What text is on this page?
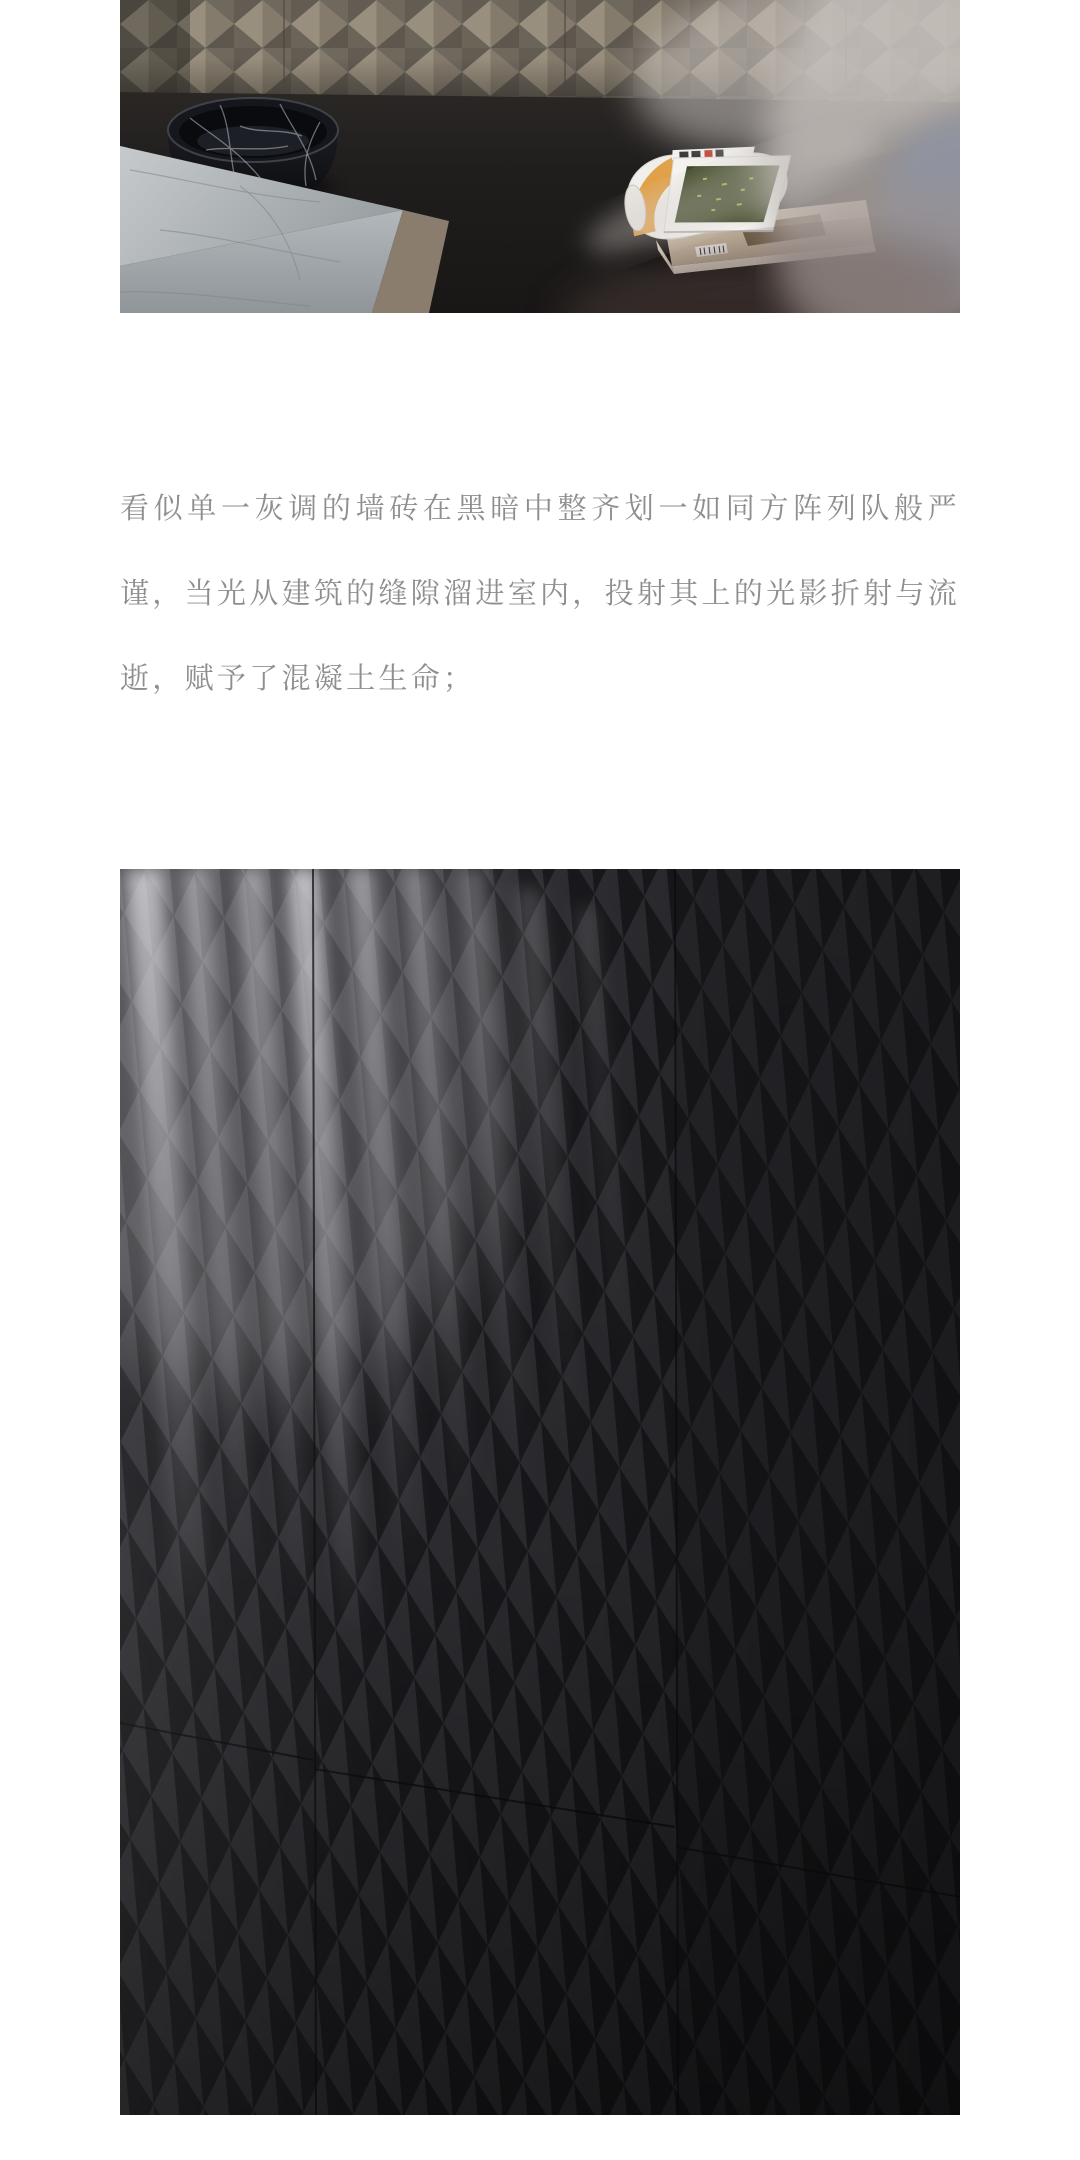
看似单一灰调的墙砖在黑暗中整齐划一如同方阵列队般严
谨，当光从建筑的缝隙溜进室内，投射其上的光影折射与流
逝，赋予了混凝土生命；
